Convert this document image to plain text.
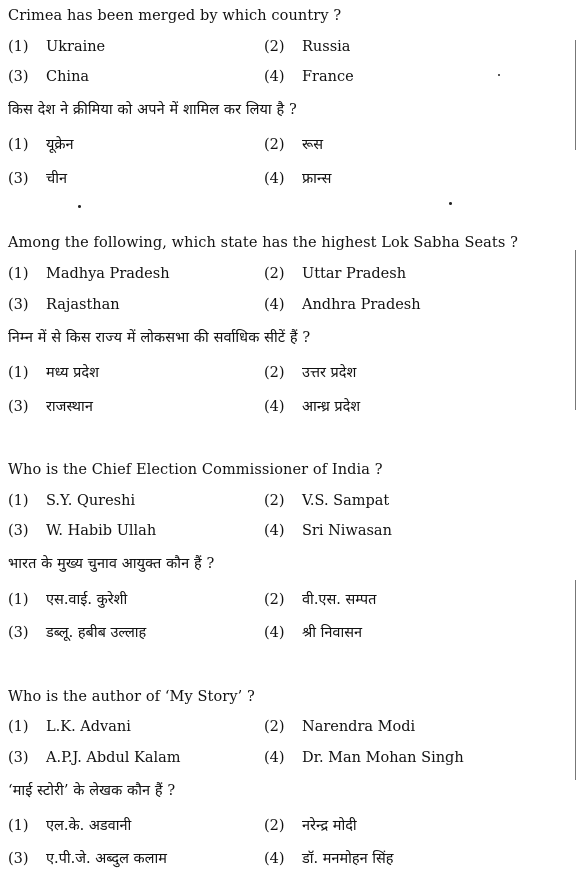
Crimea has been merged by which country ?
(1) Ukraine	(2) Russia
(3) China	(4) France
किस देश ने क्रीमिया को अपने में शामिल कर लिया है ?
(1) यूक्रेन	(2) रूस
(3) चीन	(4) फ्रान्स
Among the following, which state has the highest Lok Sabha Seats ?
(1) Madhya Pradesh	(2) Uttar Pradesh
(3) Rajasthan	(4) Andhra Pradesh
निम्न में से किस राज्य में लोकसभा की सर्वाधिक सीटें हैं ?
(1) मध्य प्रदेश	(2) उत्तर प्रदेश
(3) राजस्थान	(4) आन्ध्र प्रदेश
Who is the Chief Election Commissioner of India ?
(1) S.Y. Qureshi	(2) V.S. Sampat
(3) W. Habib Ullah	(4) Sri Niwasan
भारत के मुख्य चुनाव आयुक्त कौन हैं ?
(1) एस.वाई. कुरेशी	(2) वी.एस. सम्पत
(3) डब्लू. हबीब उल्लाह	(4) श्री निवासन
Who is the author of ‘My Story’ ?
(1) L.K. Advani	(2) Narendra Modi
(3) A.P.J. Abdul Kalam	(4) Dr. Man Mohan Singh
‘माई स्टोरी’ के लेखक कौन हैं ?
(1) एल.के. अडवानी	(2) नरेन्द्र मोदी
(3) ए.पी.जे. अब्दुल कलाम	(4) डॉ. मनमोहन सिंह
